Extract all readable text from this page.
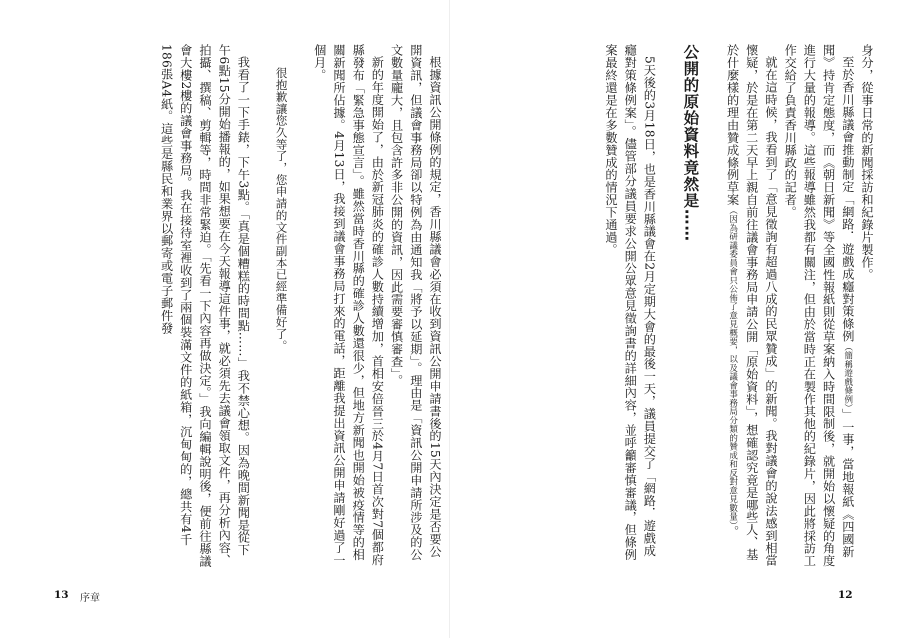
根據資訊公開條例的規定，香川縣議會必須在收到資訊公開申請書後的15天內決定是否要公開資訊，但議會事務局卻以特例為由通知我「將予以延期」。理由是「資訊公開申請所涉及的公文數量龐大，且包含許多非公開的資訊，因此需要審慎審查」。

新的年度開始了，由於新冠肺炎的確診人數持續增加，首相安倍晉三於4月7日首次對7個都府縣發布「緊急事態宣言」。雖然當時香川縣的確診人數還很少，但地方新聞也開始被疫情等的相關新聞所佔據。4月13日，我接到議會事務局打來的電話，距離我提出資訊公開申請剛好過了一個月。

很抱歉讓您久等了，您申請的文件副本已經準備好了。

我看了一下手錶，下午3點。「真是個糟糕的時間點……」我不禁心想。因為晚間新聞是從下午6點15分開始播報的，如果想要在今天報導這件事，就必須先去議會領取文件，再分析內容、拍攝、撰稿、剪輯等，時間非常緊迫。「先看一下內容再做決定。」我向編輯說明後，便前往縣議會大樓2樓的議會事務局。我在接待室裡收到了兩個裝滿文件的紙箱，沉甸甸的，總共有4千186張A4紙。這些是縣民和業界以郵寄或電子郵件發

13 序章

身分，從事日常的新聞採訪和紀錄片製作。

至於香川縣議會推動制定「網路．遊戲成癮對策條例（簡稱遊戲條例）」一事，當地報紙《四國新聞》持肯定態度，而《朝日新聞》等全國性報紙則從草案納入時間限制後，就開始以懷疑的角度進行大量的報導。這些報導雖然我都有關注，但由於當時正在製作其他的紀錄片，因此將採訪工作交給了負責香川縣政的記者。

就在這時候，我看到了「意見徵詢有超過八成的民眾贊成」的新聞。我對議會的說法感到相當懷疑，於是在第二天早上親自前往議會事務局申請公開「原始資料」，想確認究竟是哪些人、基於什麼樣的理由贊成條例草案（因為研議委員會只公佈了意見概要，以及議會事務局分類的贊成和反對意見數量）。

公開的原始資料竟然是……

5天後的3月18日，也是香川縣議會在2月定期大會的最後一天，議員提交了「網路．遊戲成癮對策條例案」。儘管部分議員要求公開公眾意見徵詢書的詳細內容，並呼籲審慎審議，但條例案最終還是在多數贊成的情況下通過。

12
